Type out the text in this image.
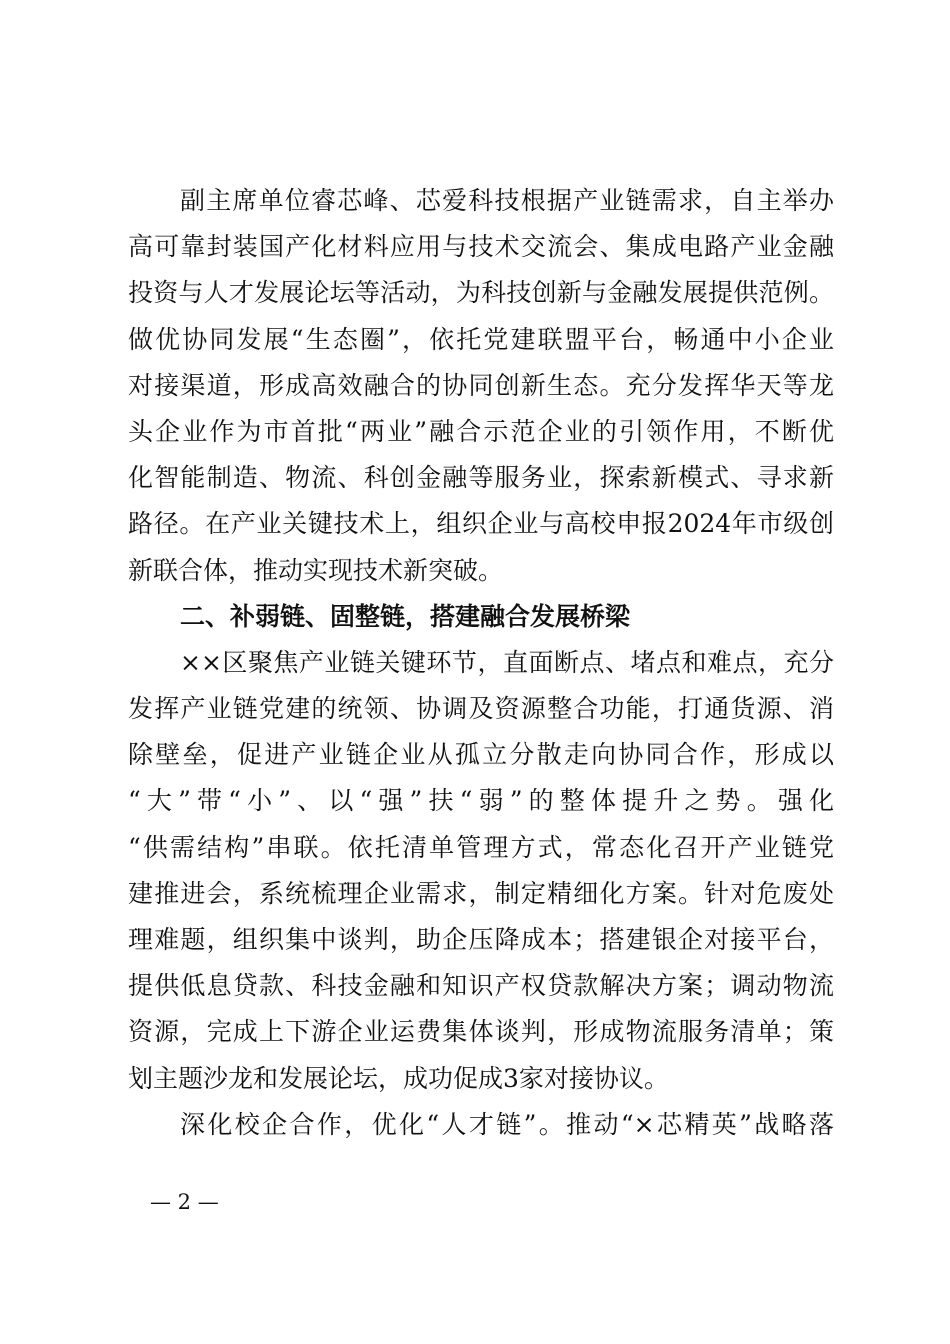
副主席单位睿芯峰、芯爱科技根据产业链需求，自主举办
高可靠封装国产化材料应用与技术交流会、集成电路产业金融
投资与人才发展论坛等活动，为科技创新与金融发展提供范例。
做优协同发展“生态圈”，依托党建联盟平台，畅通中小企业
对接渠道，形成高效融合的协同创新生态。充分发挥华天等龙
头企业作为市首批“两业”融合示范企业的引领作用，不断优
化智能制造、物流、科创金融等服务业，探索新模式、寻求新
路径。在产业关键技术上，组织企业与高校申报2024年市级创
新联合体，推动实现技术新突破。
二、补弱链、固整链，搭建融合发展桥梁
××区聚焦产业链关键环节，直面断点、堵点和难点，充分
发挥产业链党建的统领、协调及资源整合功能，打通货源、消
除壁垒，促进产业链企业从孤立分散走向协同合作，形成以
“大”带“小”、以“强”扶“弱”的整体提升之势。强化
“供需结构”串联。依托清单管理方式，常态化召开产业链党
建推进会，系统梳理企业需求，制定精细化方案。针对危废处
理难题，组织集中谈判，助企压降成本；搭建银企对接平台，
提供低息贷款、科技金融和知识产权贷款解决方案；调动物流
资源，完成上下游企业运费集体谈判，形成物流服务清单；策
划主题沙龙和发展论坛，成功促成3家对接协议。
深化校企合作，优化“人才链”。推动“×芯精英”战略落
— 2 —
